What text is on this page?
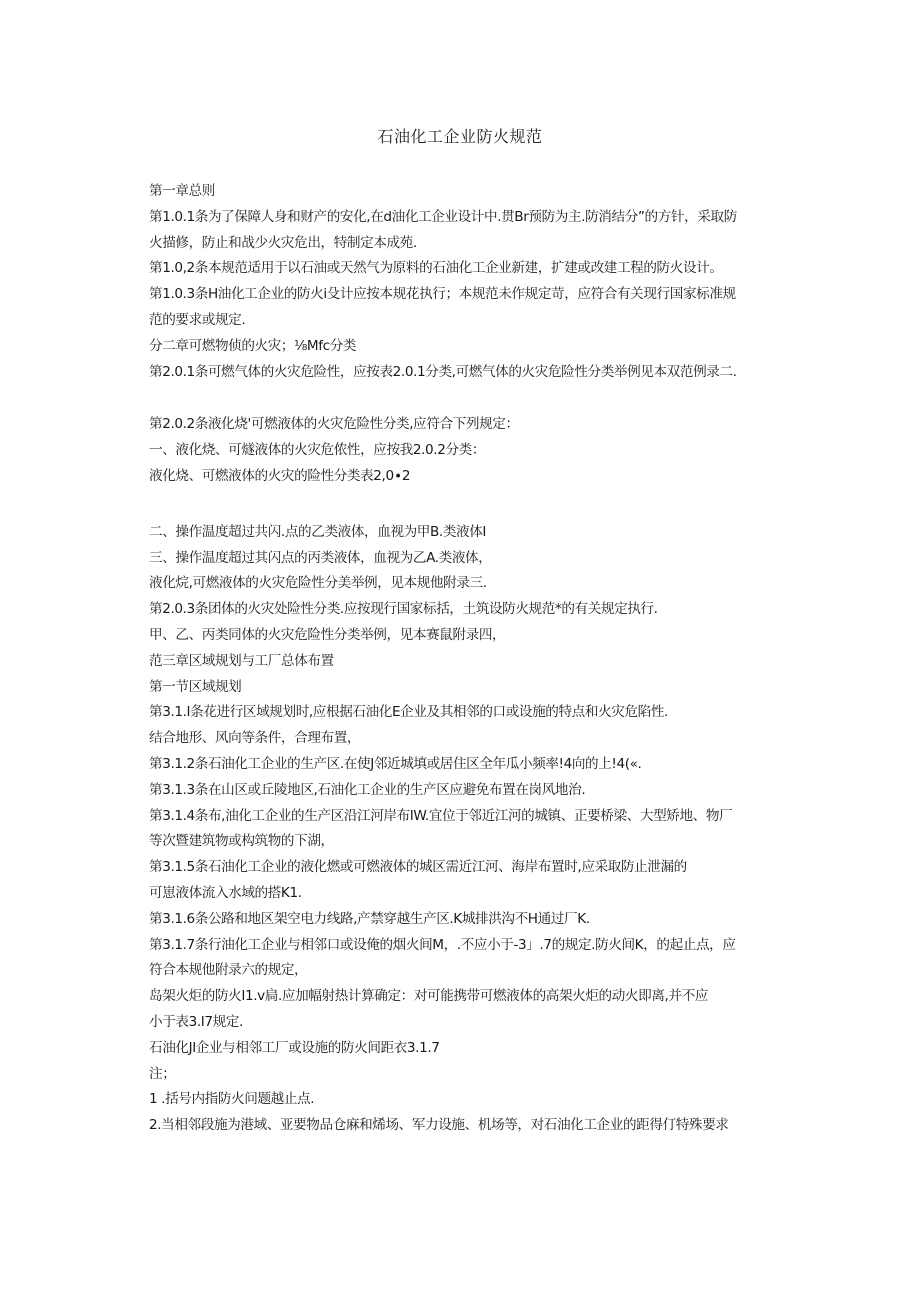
石油化工企业防火规范

第一章总则

第1.0.1条为了保障人身和财产的安化,在d油化工企业设计中.贯Br预防为主.防消结分”的方针，采取防

火描修，防止和战少火灾危出，特制定本成苑.

第1.0,2条本规范适用于以石油或天然气为原料的石油化工企业新建，扩建或改建工程的防火设计。

第1.0.3条H油化工企业的防火i殳计应按本规花执行；本规范未作规定苛，应符合有关现行国家标准规

范的要求或规定.

分二章可燃物侦的火灾；⅛Mfc分类

第2.0.1条可燃气体的火灾危险性，应按表2.0.1分类,可燃气体的火灾危险性分类举例见本双范例录二.

第2.0.2条液化烧'可燃液体的火灾危险性分类,应符合下列规定：

一、液化烧、可燧液体的火灾危侬性，应按我2.0.2分类：

液化烧、可燃液体的火灾的险性分类表2,0∙2

二、操作温度超过共闪.点的乙类液体，血视为甲B.类液体I

三、操作温度超过其闪点的丙类液体，血视为乙A.类液体，

液化烷,可燃液体的火灾危险性分美举例，见本规他附录三.

第2.0.3条团体的火灾处险性分类.应按现行国家标括，土筑设防火规范*的有关规定执行.

甲、乙、丙类同体的火灾危险性分类举例，见本赛鼠附录四，

范三章区域规划与工厂总体布置

第一节区域规划

第3.1.I条花进行区域规划时,应根据石油化E企业及其相邻的口或设施的特点和火灾危陷性.

结合地形、风向等条件，合理布置，

第3.1.2条石油化工企业的生产区.在使J邻近城填或居住区全年瓜小频率!4向的上!4(«.

第3.1.3条在山区或丘陵地区,石油化工企业的生产区应避免布置在岗风地治.

第3.1.4条布,油化工企业的生产区沿江河岸布IW.宜位于邻近江河的城镇、正要桥梁、大型矫地、物厂

等次暨建筑物或构筑物的下湖，

第3.1.5条石油化工企业的液化燃或可燃液体的城区需近江河、海岸布置时,应采取防止泄漏的

可崽液体流入水域的搭K1.

第3.1.6条公路和地区架空电力线路,产禁穿越生产区.K城排洪沟不H通过厂K.

第3.1.7条行油化工企业与相邻口或设俺的烟火间M，.不应小于-3」.7的规定.防火间K，的起止点，应

符合本规他附录六的规定，

岛架火炬的防火I1.v扃.应加幅射热计算确定：对可能携带可燃液体的高架火炬的动火即离,并不应

小于表3.I7规定.

石油化JI企业与相邻工厂或设施的防火间距衣3.1.7

注；

1 .括号内指防火问题越止点.

2.当相邻段施为港域、亚要物品仓麻和烯场、军力设施、机场等，对石油化工企业的距得仃特殊要求
